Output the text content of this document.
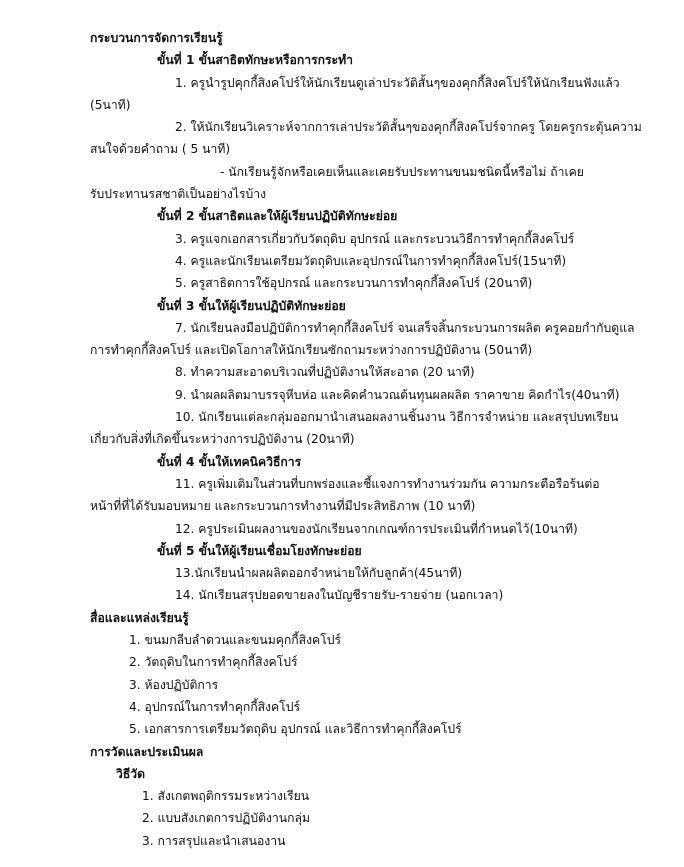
กระบวนการจัดการเรียนรู้
ขั้นที่ 1 ขั้นสาธิตทักษะหรือการกระทำ
1. ครูนำรูปคุกกี้สิงคโปร์ให้นักเรียนดูเล่าประวัติสั้นๆของคุกกี้สิงคโปร์ให้นักเรียนฟังแล้ว
(5นาที)
2. ให้นักเรียนวิเคราะห์จากการเล่าประวัติสั้นๆของคุกกี้สิงคโปร์จากครู โดยครูกระตุ้นความ
สนใจด้วยคำถาม ( 5 นาที)
- นักเรียนรู้จักหรือเคยเห็นและเคยรับประทานขนมชนิดนี้หรือไม่ ถ้าเคย
รับประทานรสชาติเป็นอย่างไรบ้าง
ขั้นที่ 2 ขั้นสาธิตและให้ผู้เรียนปฏิบัติทักษะย่อย
3. ครูแจกเอกสารเกี่ยวกับวัตถุดิบ อุปกรณ์ และกระบวนวิธีการทำคุกกี้สิงคโปร์
4. ครูและนักเรียนเตรียมวัตถุดิบและอุปกรณ์ในการทำคุกกี้สิงคโปร์(15นาที)
5. ครูสาธิตการใช้อุปกรณ์ และกระบวนการทำคุกกี้สิงคโปร์ (20นาที)
ขั้นที่ 3 ขั้นให้ผู้เรียนปฏิบัติทักษะย่อย
7. นักเรียนลงมือปฏิบัติการทำคุกกี้สิงคโปร์ จนเสร็จสิ้นกระบวนการผลิต ครูคอยกำกับดูแล
การทำคุกกี้สิงคโปร์ และเปิดโอกาสให้นักเรียนซักถามระหว่างการปฏิบัติงาน (50นาที)
8. ทำความสะอาดบริเวณที่ปฏิบัติงานให้สะอาด (20 นาที)
9. นำผลผลิตมาบรรจุหีบห่อ และคิดคำนวณต้นทุนผลผลิต ราคาขาย คิดกำไร(40นาที)
10. นักเรียนแต่ละกลุ่มออกมานำเสนอผลงานชิ้นงาน วิธีการจำหน่าย และสรุปบทเรียน
เกี่ยวกับสิ่งที่เกิดขึ้นระหว่างการปฏิบัติงาน (20นาที)
ขั้นที่ 4 ขั้นให้เทคนิควิธีการ
11. ครูเพิ่มเติมในส่วนที่บกพร่องและชี้แจงการทำงานร่วมกัน ความกระตือรือร้นต่อ
หน้าที่ที่ได้รับมอบหมาย และกระบวนการทำงานที่มีประสิทธิภาพ (10 นาที)
12. ครูประเมินผลงานของนักเรียนจากเกณฑ์การประเมินที่กำหนดไว้(10นาที)
ขั้นที่ 5 ขั้นให้ผู้เรียนเชื่อมโยงทักษะย่อย
13.นักเรียนนำผลผลิตออกจำหน่ายให้กับลูกค้า(45นาที)
14. นักเรียนสรุปยอดขายลงในบัญชีรายรับ-รายจ่าย (นอกเวลา)
สื่อและแหล่งเรียนรู้
1. ขนมกลีบลำดวนและขนมคุกกี้สิงคโปร์
2. วัตถุดิบในการทำคุกกี้สิงคโปร์
3. ห้องปฏิบัติการ
4. อุปกรณ์ในการทำคุกกี้สิงคโปร์
5. เอกสารการเตรียมวัตถุดิบ อุปกรณ์ และวิธีการทำคุกกี้สิงคโปร์
การวัดและประเมินผล
วิธีวัด
1. สังเกตพฤติกรรมระหว่างเรียน
2. แบบสังเกตการปฏิบัติงานกลุ่ม
3. การสรุปและนำเสนองาน
